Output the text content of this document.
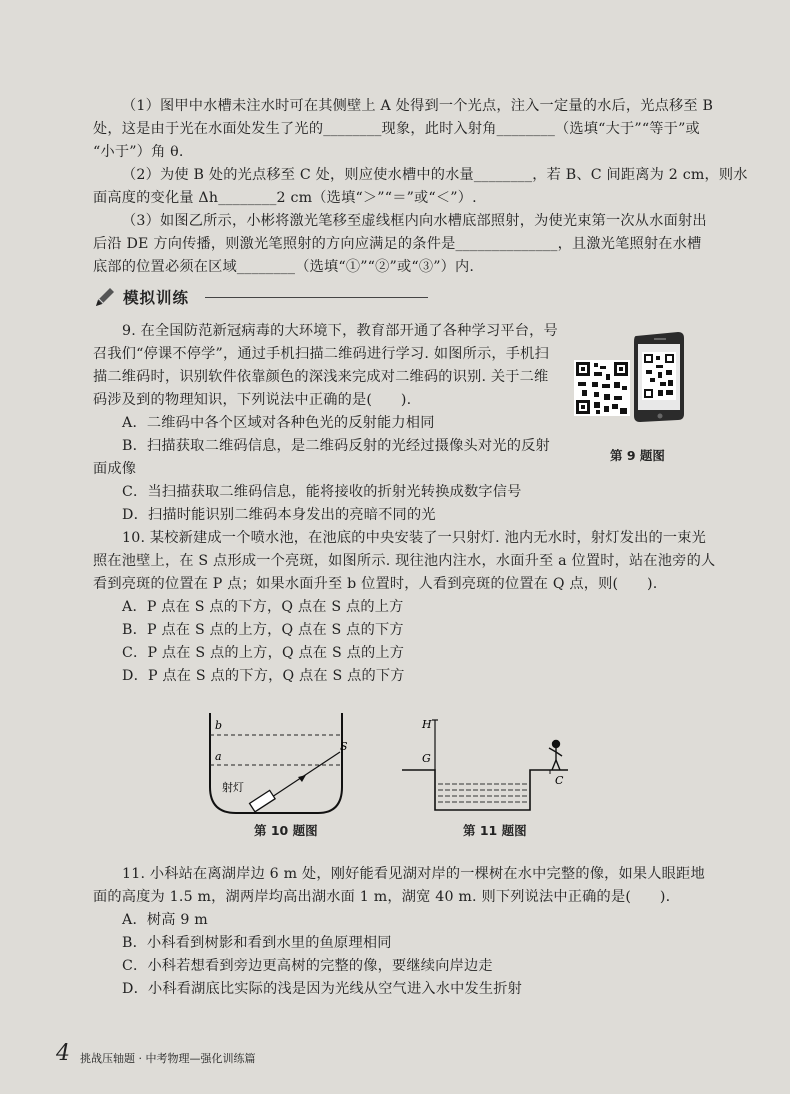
（1）图甲中水槽未注水时可在其侧壁上 A 处得到一个光点，注入一定量的水后，光点移至 B
处，这是由于光在水面处发生了光的________现象，此时入射角________（选填“大于”“等于”或
“小于”）角 θ.
（2）为使 B 处的光点移至 C 处，则应使水槽中的水量________，若 B、C 间距离为 2 cm，则水
面高度的变化量 Δh________2 cm（选填“＞”“＝”或“＜”）.
（3）如图乙所示，小彬将激光笔移至虚线框内向水槽底部照射，为使光束第一次从水面射出
后沿 DE 方向传播，则激光笔照射的方向应满足的条件是______________，且激光笔照射在水槽
底部的位置必须在区域________（选填“①”“②”或“③”）内.
模拟训练
9. 在全国防范新冠病毒的大环境下，教育部开通了各种学习平台，号
召我们“停课不停学”，通过手机扫描二维码进行学习. 如图所示，手机扫
描二维码时，识别软件依靠颜色的深浅来完成对二维码的识别. 关于二维
码涉及到的物理知识，下列说法中正确的是(　　).
A．二维码中各个区域对各种色光的反射能力相同
B．扫描获取二维码信息，是二维码反射的光经过摄像头对光的反射
面成像
C．当扫描获取二维码信息，能将接收的折射光转换成数字信号
D．扫描时能识别二维码本身发出的亮暗不同的光
第 9 题图
10. 某校新建成一个喷水池，在池底的中央安装了一只射灯. 池内无水时，射灯发出的一束光
照在池壁上，在 S 点形成一个亮斑，如图所示. 现往池内注水，水面升至 a 位置时，站在池旁的人
看到亮斑的位置在 P 点；如果水面升至 b 位置时，人看到亮斑的位置在 Q 点，则(　　).
A．P 点在 S 点的下方，Q 点在 S 点的上方
B．P 点在 S 点的上方，Q 点在 S 点的下方
C．P 点在 S 点的上方，Q 点在 S 点的上方
D．P 点在 S 点的下方，Q 点在 S 点的下方
b
a
S
射灯
第 10 题图
H
G
C
第 11 题图
11. 小科站在离湖岸边 6 m 处，刚好能看见湖对岸的一棵树在水中完整的像，如果人眼距地
面的高度为 1.5 m，湖两岸均高出湖水面 1 m，湖宽 40 m. 则下列说法中正确的是(　　).
A．树高 9 m
B．小科看到树影和看到水里的鱼原理相同
C．小科若想看到旁边更高树的完整的像，要继续向岸边走
D．小科看湖底比实际的浅是因为光线从空气进入水中发生折射
4 挑战压轴题 · 中考物理—强化训练篇
